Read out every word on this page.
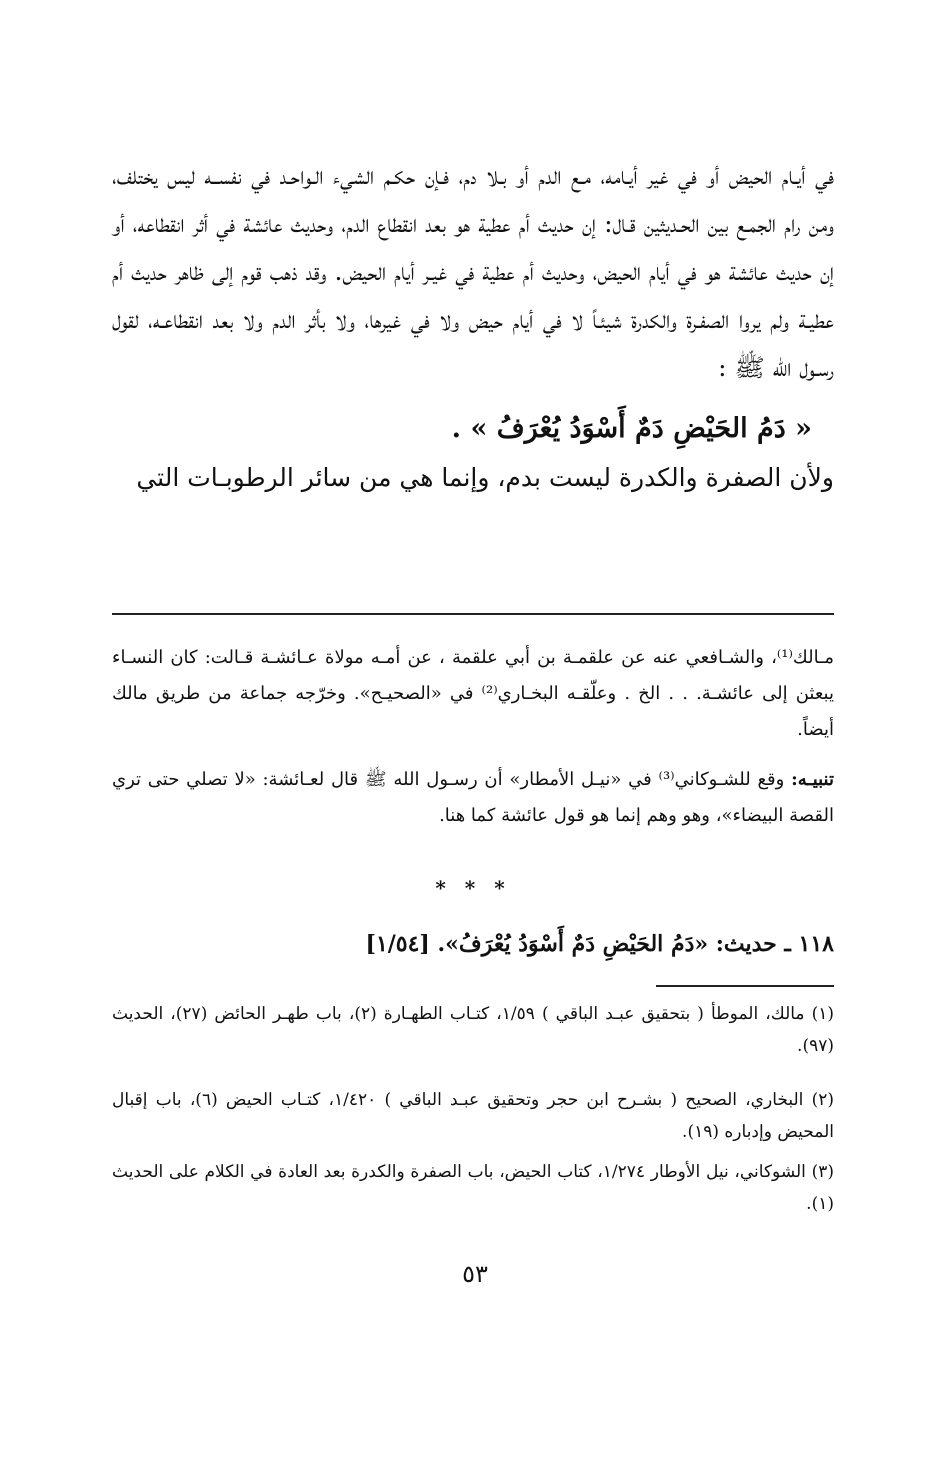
في أيـام الحيض أو في غير أيـامه، مـع الدم أو بـلا دم، فـإن حكـم الشيء الـواحـد في نفســه ليس يختلف، ومن رام الجمـع بين الحـديثين قـال: إن حديث أم عطية هو بعد انقطاع الدم، وحديث عائشة في أثر انقطاعه، أو إن حديث عائشة هو في أيام الحيض، وحديث أم عطية في غيـر أيام الحيض. وقد ذهب قوم إلى ظاهر حديث أم عطيـة ولم يروا الصفـرة والكدرة شيئـاً لا في أيام حيض ولا في غيرها، ولا بأثر الدم ولا بعد انقطاعـه، لقول رسـول الله ﷺ :

« دَمُ الحَيْضِ دَمٌ أَسْوَدُ يُعْرَفُ » .

ولأن الصفرة والكدرة ليست بدم، وإنما هي من سائر الرطوبـات التي

مـالك⁽¹⁾، والشـافعي عنه عن علقمـة بن أبي علقمة ، عن أمـه مولاة عـائشـة قـالت: كان النسـاء يبعثن إلى عائشـة. . . الخ . وعلّقـه البخـاري⁽²⁾ في «الصحيـح». وخرّجه جماعة من طريق مالك أيضاً.

تنبيـه: وقع للشـوكاني⁽³⁾ في «نيـل الأمطار» أن رسـول الله ﷺ قال لعـائشة: «لا تصلي حتى تري القصة البيضاء»، وهو وهم إنما هو قول عائشة كما هنا.

* * *
١١٨ ـ حديث: «دَمُ الحَيْضِ دَمٌ أَسْوَدُ يُعْرَفُ». [١/٥٤]

(١) مالك، الموطأ ( بتحقيق عبـد الباقي ) ١/٥٩، كتـاب الطهـارة (٢)، باب طهـر الحائض (٢٧)، الحديث (٩٧).

(٢) البخاري، الصحيح ( بشـرح ابن حجر وتحقيق عبـد الباقي ) ١/٤٢٠، كتـاب الحيض (٦)، باب إقبال المحيض وإدباره (١٩).

(٣) الشوكاني، نيل الأوطار ١/٢٧٤، كتاب الحيض، باب الصفرة والكدرة بعد العادة في الكلام على الحديث (١).

٥٣
